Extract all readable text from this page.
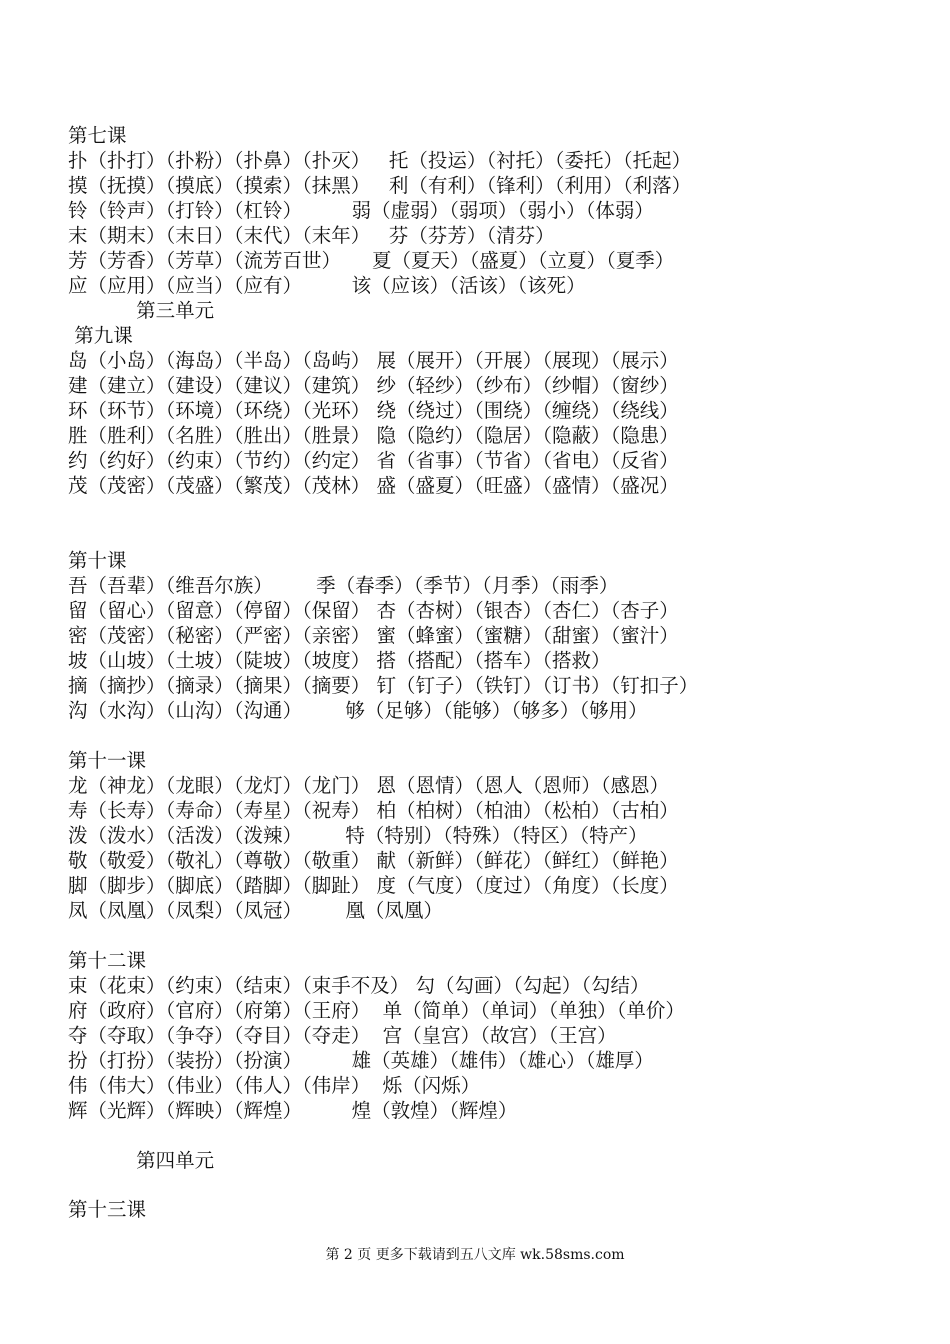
第七课
扑（扑打）（扑粉）（扑鼻）（扑灭）   托（投运）（衬托）（委托）（托起）
摸（抚摸）（摸底）（摸索）（抹黑）   利（有利）（锋利）（利用）（利落）
铃（铃声）（打铃）（杠铃）        弱（虚弱）（弱项）（弱小）（体弱）
末（期末）（末日）（末代）（末年）   芬（芬芳）（清芬）
芳（芳香）（芳草）（流芳百世）     夏（夏天）（盛夏）（立夏）（夏季）
应（应用）（应当）（应有）        该（应该）（活该）（该死）
第三单元
第九课
岛（小岛）（海岛）（半岛）（岛屿） 展（展开）（开展）（展现）（展示）
建（建立）（建设）（建议）（建筑） 纱（轻纱）（纱布）（纱帽）（窗纱）
环（环节）（环境）（环绕）（光环） 绕（绕过）（围绕）（缠绕）（绕线）
胜（胜利）（名胜）（胜出）（胜景） 隐（隐约）（隐居）（隐蔽）（隐患）
约（约好）（约束）（节约）（约定） 省（省事）（节省）（省电）（反省）
茂（茂密）（茂盛）（繁茂）（茂林） 盛（盛夏）（旺盛）（盛情）（盛况）
第十课
吾（吾辈）（维吾尔族）       季（春季）（季节）（月季）（雨季）
留（留心）（留意）（停留）（保留） 杏（杏树）（银杏）（杏仁）（杏子）
密（茂密）（秘密）（严密）（亲密） 蜜（蜂蜜）（蜜糖）（甜蜜）（蜜汁）
坡（山坡）（土坡）（陡坡）（坡度） 搭（搭配）（搭车）（搭救）
摘（摘抄）（摘录）（摘果）（摘要） 钉（钉子）（铁钉）（订书）（钉扣子）
沟（水沟）（山沟）（沟通）       够（足够）（能够）（够多）（够用）
第十一课
龙（神龙）（龙眼）（龙灯）（龙门） 恩（恩情）（恩人（恩师）（感恩）
寿（长寿）（寿命）（寿星）（祝寿） 柏（柏树）（柏油）（松柏）（古柏）
泼（泼水）（活泼）（泼辣）       特（特别）（特殊）（特区）（特产）
敬（敬爱）（敬礼）（尊敬）（敬重） 献（新鲜）（鲜花）（鲜红）（鲜艳）
脚（脚步）（脚底）（踏脚）（脚趾） 度（气度）（度过）（角度）（长度）
凤（凤凰）（凤梨）（凤冠）       凰（凤凰）
第十二课
束（花束）（约束）（结束）（束手不及） 勾（勾画）（勾起）（勾结）
府（政府）（官府）（府第）（王府）  单（简单）（单词）（单独）（单价）
夺（夺取）（争夺）（夺目）（夺走）  宫（皇宫）（故宫）（王宫）
扮（打扮）（装扮）（扮演）        雄（英雄）（雄伟）（雄心）（雄厚）
伟（伟大）（伟业）（伟人）（伟岸）  烁（闪烁）
辉（光辉）（辉映）（辉煌）        煌（敦煌）（辉煌）
第四单元
第十三课
第 2 页 更多下载请到五八文库 wk.58sms.com
